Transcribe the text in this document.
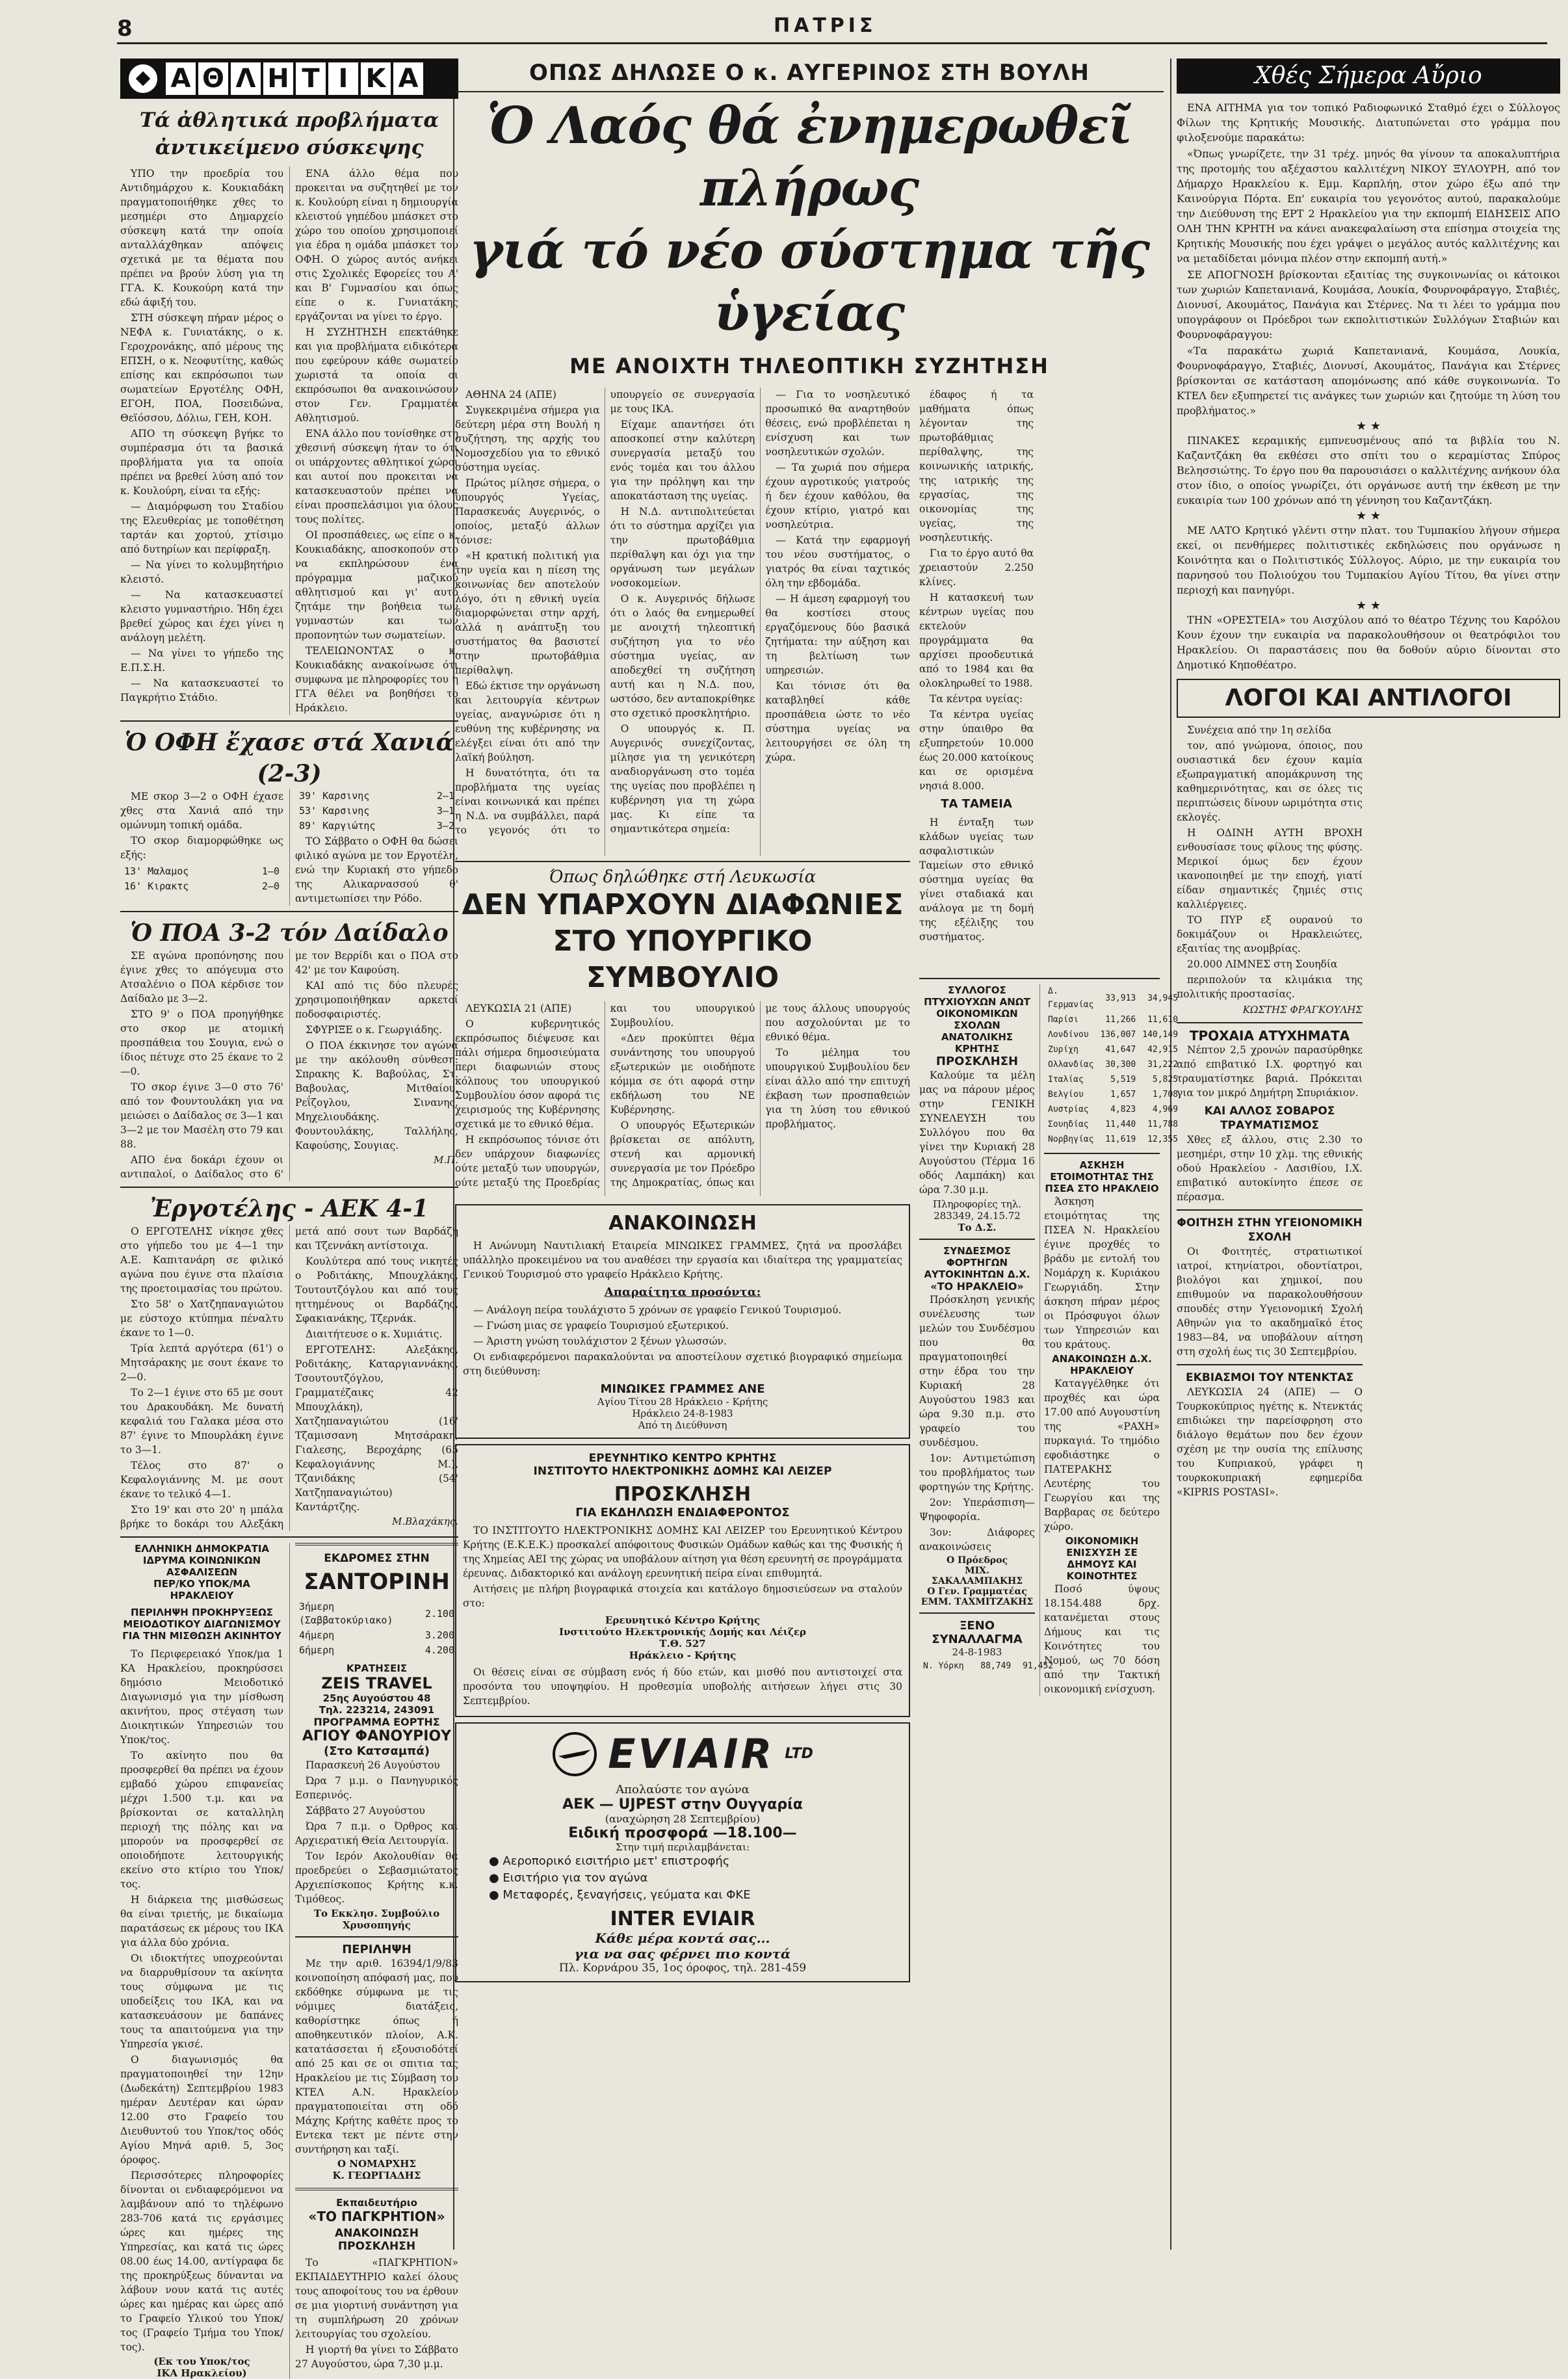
8	ΠΑΤΡΙΣ
Α Θ Λ Η Τ Ι Κ Α
Τά ἀθλητικά προβλήματα ἀντικείμενο σύσκεψης

ΥΠΟ την προεδρία του Αντιδημάρχου κ. Κουκιαδάκη πραγματοποιήθηκε χθες το μεσημέρι στο Δημαρχείο σύσκεψη κατά την οποία ανταλλάχθηκαν απόψεις σχετικά με τα θέματα που πρέπει να βρούν λύση για τη ΓΓΑ. Κ. Κουκούρη κατά την εδώ άφιξή του.

ΣΤΗ σύσκεψη πήραν μέρος ο ΝΕΦΑ κ. Γυνιατάκης, ο κ. Γεροχρονάκης, από μέρους της ΕΠΣΗ, ο κ. Νεοφυτίτης, καθώς επίσης και εκπρόσωποι των σωματείων Εργοτέλης ΟΦΗ, ΕΓΟΗ, ΠΟΑ, Ποσειδώνα, Θεϊόσσου, Δόλιω, ΓΕΗ, ΚΟΗ.

ΑΠΟ τη σύσκεψη βγήκε το συμπέρασμα ότι τα βασικά προβλήματα για τα οποία πρέπει να βρεθεί λύση από τον κ. Κουλούρη, είναι τα εξής:

— Διαμόρφωση του Σταδίου της Ελευθερίας με τοποθέτηση ταρτάν και χορτού, χτίσιμο από δυτηρίων και περίφραξη.

— Να γίνει το κολυμβητήριο κλειστό.

— Να κατασκευαστεί κλειστο γυμναστήριο. Ήδη έχει βρεθεί χώρος και έχει γίνει η ανάλογη μελέτη.

— Να γίνει το γήπεδο της Ε.Π.Σ.Η.

— Να κατασκευαστεί το Παγκρήτιο Στάδιο.

ΕΝΑ άλλο θέμα που προκειται να συζητηθεί με τον κ. Κουλούρη είναι η δημιουργία κλειστού γηπέδου μπάσκετ στο χώρο του οποίου χρησιμοποιεί για έδρα η ομάδα μπάσκετ του ΟΦΗ. Ο χώρος αυτός ανήκει στις Σχολικές Εφορείες του Α' και Β' Γυμνασίου και όπως είπε ο κ. Γυνιατάκης εργάζονται να γίνει το έργο.

Η ΣΥΖΗΤΗΣΗ επεκτάθηκε και για προβλήματα ειδικότερα που εφεύρουν κάθε σωματείο χωριστά τα οποία οι εκπρόσωποι θα ανακοινώσουν στον Γεν. Γραμματέα Αθλητισμού.

ΕΝΑ άλλο που τονίσθηκε στη χθεσινή σύσκεψη ήταν το ότι οι υπάρχοντες αθλητικοί χώροι και αυτοί που προκειται να κατασκευαστούν πρέπει να είναι προσπελάσιμοι για όλους τους πολίτες.

ΟΙ προσπάθειες, ως είπε ο κ. Κουκιαδάκης, αποσκοπούν στο να εκπληρώσουν ένα πρόγραμμα μαζικού αθλητισμού και γι' αυτό ζητάμε την βοήθεια των γυμναστών και των προπονητών των σωματείων.

ΤΕΛΕΙΩΝΟΝΤΑΣ ο κ. Κουκιαδάκης ανακοίνωσε ότι συμφωνα με πληροφορίες του η ΓΓΑ θέλει να βοηθήσει το Ηράκλειο.

Ὁ ΟΦΗ ἔχασε στά Χανιά (2-3)

ΜΕ σκορ 3—2 ο ΟΦΗ έχασε χθες στα Χανιά από την ομώνυμη τοπική ομάδα.

ΤΟ σκορ διαμορφώθηκε ως εξής:

13' Μαλαμος	1—0
16' Κιρακτς	2—0
39' Καρσινης	2—1
53' Καρσινης	3—1
89' Καργιώτης	3—2

ΤΟ Σάββατο ο ΟΦΗ θα δώσει φιλικό αγώνα με τον Εργοτέλη, ενώ την Κυριακή στο γήπεδο της Αλικαρνασσού θ' αντιμετωπίσει την Ρόδο.

Ὁ ΠΟΑ 3-2 τόν Δαίδαλο

ΣΕ αγώνα προπόνησης που έγινε χθες το απόγευμα στο Ατσαλένιο ο ΠΟΑ κέρδισε τον Δαίδαλο με 3—2.

ΣΤΟ 9' ο ΠΟΑ προηγήθηκε στο σκορ με ατομική προσπάθεια του Σουγια, ενώ ο ίδιος πέτυχε στο 25 έκανε το 2—0.

ΤΟ σκορ έγινε 3—0 στο 76' από τον Φουντουλάκη για να μειώσει ο Δαίδαλος σε 3—1 και 3—2 με τον Μασέλη στο 79 και 88.

ΑΠΟ ένα δοκάρι έχουν οι αντιπαλοί, ο Δαίδαλος στο 6' με τον Βερρίδι και ο ΠΟΑ στο 42' με τον Καφούση.

ΚΑΙ από τις δύο πλευρές χρησιμοποιήθηκαν αρκετοί ποδοσφαιριστές.

ΣΦΥΡΙΞΕ ο κ. Γεωργιάδης.

Ο ΠΟΑ έκκινησε τον αγώνα με την ακόλουθη σύνθεση: Σπρακης Κ. Βαβούλας, Στ. Βαβουλας, Μιτθαίου, Ρεΐζογλου, Σινανης, Μηχελιουδάκης. Φουντουλάκης, Ταλλήλης, Καφούσης, Σουγιας.

Μ.Π.
Ἐργοτέλης - ΑΕΚ 4-1

Ο ΕΡΓΟΤΕΛΗΣ νίκησε χθες στο γήπεδο του με 4—1 την Α.Ε. Καπιτανάρη σε φιλικό αγώνα που έγινε στα πλαίσια της προετοιμασίας του πρώτου.

Στο 58' ο Χατζηπαναγιώτου με εύστοχο κτύπημα πέναλτυ έκανε το 1—0.

Τρία λεπτά αργότερα (61') ο Μητσάρακης με σουτ έκανε το 2—0.

Το 2—1 έγινε στο 65 με σουτ του Δρακουδάκη. Με δυνατή κεφαλιά του Γαλακα μέσα στο 87' έγινε το Μπουρλάκη έγινε το 3—1.

Τέλος στο 87' ο Κεφαλογιάννης Μ. με σουτ έκανε το τελικό 4—1.

Στο 19' και στο 20' η μπάλα βρήκε το δοκάρι του Αλεξάκη μετά από σουτ των Βαρδάζη και Τζεννάκη αντίστοιχα.

Κουλύτερα από τους νικητές ο Ροδιτάκης, Μπουχλάκης, Τουτουτζόγλου και από τους ηττημένους οι Βαρδάζης, Σφακιανάκης, Τζερνάκ.

Διαιτήτευσε ο κ. Χυμιάτις.

ΕΡΓΟΤΕΛΗΣ: Αλεξάκης, Ροδιτάκης, Καταργιαννάκης, Τσουτουτζόγλου, Γραμματέζαικς 42 Μπουχλάκη), Χατζηπαναγιώτου (16' Τζαμισσανη Μητσάρακη, Γιαλεσης, Βεροχάρης (65 Κεφαλογιάννης Μ.), Τζανιδάκης (54' Χατζηπαναγιώτου) Καντάρτζης.

Μ.Βλαχάκης.

ΕΛΛΗΝΙΚΗ ΔΗΜΟΚΡΑΤΙΑ

ΙΔΡΥΜΑ ΚΟΙΝΩΝΙΚΩΝ ΑΣΦΑΛΙΣΕΩΝ

ΠΕΡ/ΚΟ ΥΠΟΚ/ΜΑ ΗΡΑΚΛΕΙΟΥ

ΠΕΡΙΛΗΨΗ ΠΡΟΚΗΡΥΞΕΩΣ ΜΕΙΟΔΟΤΙΚΟΥ ΔΙΑΓΩΝΙΣΜΟΥ ΓΙΑ ΤΗΝ ΜΙΣΘΩΣΗ ΑΚΙΝΗΤΟΥ

Το Περιφερειακό Υποκ/μα 1 ΚΑ Ηρακλείου, προκηρύσσει δημόσιο Μειοδοτικό Διαγωνισμό για την μίσθωση ακινήτου, προς στέγαση των Διοικητικών Υπηρεσιών του Υποκ/τος.

Το ακίνητο που θα προσφερθεί θα πρέπει να έχουν εμβαδό χώρου επιφανείας μέχρι 1.500 τ.μ. και να βρίσκονται σε καταλληλη περιοχή της πόλης και να μπορούν να προσφερθεί σε οποιοδήποτε λειτουργικής εκείνο στο κτίριο του Υποκ/τος.

Η διάρκεια της μισθώσεως θα είναι τριετής, με δικαίωμα παρατάσεως εκ μέρους του ΙΚΑ για άλλα δύο χρόνια.

Οι ιδιοκτήτες υποχρεούνται να διαρρυθμίσουν τα ακίνητα τους σύμφωνα με τις υποδείξεις του ΙΚΑ, και να κατασκευάσουν με δαπάνες τους τα απαιτούμενα για την Υπηρεσία γκισέ.

Ο διαγωνισμός θα πραγματοποιηθεί την 12ην (Δωδεκάτη) Σεπτεμβρίου 1983 ημέραν Δευτέραν και ώραν 12.00 στο Γραφείο του Διευθυντού του Υποκ/τος οδός Αγίου Μηνά αριθ. 5, 3ος όροφος.

Περισσότερες πληροφορίες δίνονται οι ενδιαφερόμενοι να λαμβάνουν από το τηλέφωνο 283-706 κατά τις εργάσιμες ώρες και ημέρες της Υπηρεσίας, και κατά τις ώρες 08.00 έως 14.00, αντίγραφα δε της προκηρύξεως δύνανται να λάβουν νουν κατά τις αυτές ώρες και ημέρας και ώρες από το Γραφείο Υλικού του Υποκ/τος (Γραφείο Τμήμα του Υποκ/τος).

(Εκ του Υποκ/τος

ΙΚΑ Ηρακλείου)

ΕΚΔΡΟΜΕΣ ΣΤΗΝ
ΣΑΝΤΟΡΙΝΗ
3ήμερη (Σαββατοκύριακο)	2.100
4ήμερη	3.200
6ήμερη	4.200
ΚΡΑΤΗΣΕΙΣ
ZEIS TRAVEL
25ης Αυγούστου 48
Τηλ. 223214, 243091
ΠΡΟΓΡΑΜΜΑ ΕΟΡΤΗΣ
ΑΓΙΟΥ ΦΑΝΟΥΡΙΟΥ
(Στο Κατσαμπά)

Παρασκευή 26 Αυγούστου

Ώρα 7 μ.μ. ο Πανηγυρικός Εσπερινός.

Σάββατο 27 Αυγούστου

Ώρα 7 π.μ. ο Όρθρος και Αρχιερατική Θεία Λειτουργία.

Τον Ιερόν Ακολουθίαν θα προεδρεύει ο Σεβασμιώτατος Αρχιεπίσκοπος Κρήτης κ.κ. Τιμόθεος.

Το Εκκλησ. Συμβούλιο

Χρυσοπηγής

ΠΕΡΙΛΗΨΗ

Με την αριθ. 16394/1/9/83 κοινοποίηση απόφασή μας, που εκδόθηκε σύμφωνα με τις νόμιμες διατάξεις, καθορίστηκε όπως ή αποθηκευτικόν πλοίον, Α.Κ. κατατάσσεται ή εξουσιοδότεί από 25 και σε οι σπιτια τας Ηρακλείου με τις Σύμβαση του ΚΤΕΛ Α.Ν. Ηρακλείου πραγματοποιείται στη οδό Μάχης Κρήτης καθέτε προς το Εντεκα τεκτ με πέντε στην συντήρηση και ταξί.

Ο ΝΟΜΑΡΧΗΣ

Κ. ΓΕΩΡΓΙΑΔΗΣ

Εκπαιδευτήριο
«ΤΟ ΠΑΓΚΡΗΤΙΟΝ»
ΑΝΑΚΟΙΝΩΣΗ ΠΡΟΣΚΛΗΣΗ

Το «ΠΑΓΚΡΗΤΙΟΝ» ΕΚΠΑΙΔΕΥΤΗΡΙΟ καλεί όλους τους αποφοίτους του να έρθουν σε μια γιορτινή συνάντηση για τη συμπλήρωση 20 χρόνων λειτουργίας του σχολείου.

Η γιορτή θα γίνει το Σάββατο 27 Αυγούστου, ώρα 7,30 μ.μ.

ΟΠΩΣ ΔΗΛΩΣΕ Ο κ. ΑΥΓΕΡΙΝΟΣ ΣΤΗ ΒΟΥΛΗ
Ὁ Λαός θά ἐνημερωθεῖ πλήρως
γιά τό νέο σύστημα τῆς ὑγείας
ΜΕ ΑΝΟΙΧΤΗ ΤΗΛΕΟΠΤΙΚΗ ΣΥΖΗΤΗΣΗ

ΑΘΗΝΑ 24 (ΑΠΕ)

Συγκεκριμένα σήμερα για δεύτερη μέρα στη Βουλή η συζήτηση, της αρχής του Νομοσχεδίου για το εθνικό σύστημα υγείας.

Πρώτος μίλησε σήμερα, ο υπουργός Υγείας, Παρασκευάς Αυγερινός, ο οποίος, μεταξύ άλλων τόνισε:

«Η κρατική πολιτική για την υγεία και η πίεση της κοινωνίας δεν αποτελούν λόγο, ότι η εθνική υγεία διαμορφώνεται στην αρχή, αλλά η ανάπτυξη του συστήματος θα βασιστεί στην πρωτοβάθμια περίθαλψη.

Εδώ έκτισε την οργάνωση και λειτουργία κέντρων υγείας, αναγνώρισε ότι η ευθύνη της κυβέρνησης να ελέγξει είναι ότι από την λαϊκή βούληση.

Η δυνατότητα, ότι τα προβλήματα της υγείας είναι κοινωνικά και πρέπει η Ν.Δ. να συμβάλλει, παρά το γεγονός ότι το υπουργείο σε συνεργασία με τους ΙΚΑ.

Είχαμε απαντήσει ότι αποσκοπεί στην καλύτερη συνεργασία μεταξύ του ενός τομέα και του άλλου για την πρόληψη και την αποκατάσταση της υγείας.

Η Ν.Δ. αντιπολιτεύεται ότι το σύστημα αρχίζει για την πρωτοβάθμια περίθαλψη και όχι για την οργάνωση των μεγάλων νοσοκομείων.

Ο κ. Αυγερινός δήλωσε ότι ο λαός θα ενημερωθεί με ανοιχτή τηλεοπτική συζήτηση για το νέο σύστημα υγείας, αν αποδεχθεί τη συζήτηση αυτή και η Ν.Δ. που, ωστόσο, δεν ανταποκρίθηκε στο σχετικό προσκλητήριο.

Ο υπουργός κ. Π. Αυγερινός συνεχίζοντας, μίλησε για τη γενικότερη αναδιοργάνωση στο τομέα της υγείας που προβλέπει η κυβέρνηση για τη χώρα μας. Κι είπε τα σημαντικότερα σημεία:

— Για το νοσηλευτικό προσωπικό θα αναρτηθούν θέσεις, ενώ προβλέπεται η ενίσχυση και των νοσηλευτικών σχολών.

— Τα χωριά που σήμερα έχουν αγροτικούς γιατρούς ή δεν έχουν καθόλου, θα έχουν κτίριο, γιατρό και νοσηλεύτρια.

— Κατά την εφαρμογή του νέου συστήματος, ο γιατρός θα είναι ταχτικός όλη την εβδομάδα.

— Η άμεση εφαρμογή του θα κοστίσει στους εργαζόμενους δύο βασικά ζητήματα: την αύξηση και τη βελτίωση των υπηρεσιών.

Και τόνισε ότι θα καταβληθεί κάθε προσπάθεια ώστε το νέο σύστημα υγείας να λειτουργήσει σε όλη τη χώρα.

Όπως δηλώθηκε στή Λευκωσία
ΔΕΝ ΥΠΑΡΧΟΥΝ ΔΙΑΦΩΝΙΕΣ
ΣΤΟ ΥΠΟΥΡΓΙΚΟ ΣΥΜΒΟΥΛΙΟ

ΛΕΥΚΩΣΙΑ 21 (ΑΠΕ)

Ο κυβερνητικός εκπρόσωπος διέψευσε και πάλι σήμερα δημοσιεύματα περι διαφωνιών στους κόλπους του υπουργικού Συμβουλίου όσον αφορά τις χειρισμούς της Κυβέρνησης σχετικά με το εθνικό θέμα.

Η εκπρόσωπος τόνισε ότι δεν υπάρχουν διαφωνίες ούτε μεταξύ των υπουργών, ούτε μεταξύ της Προεδρίας και του υπουργικού Συμβουλίου.

«Δεν προκύπτει θέμα συνάντησης του υπουργού εξωτερικών με οιοδήποτε κόμμα σε ότι αφορά στην εκδήλωση του ΝΕ Κυβέρνησης.

Ο υπουργός Εξωτερικών βρίσκεται σε απόλυτη, στενή και αρμονική συνεργασία με τον Πρόεδρο της Δημοκρατίας, όπως και με τους άλλους υπουργούς που ασχολούνται με το εθνικό θέμα.

Το μέλημα του υπουργικού Συμβουλίου δεν είναι άλλο από την επιτυχή έκβαση των προσπαθειών για τη λύση του εθνικού προβλήματος.

ΑΝΑΚΟΙΝΩΣΗ

Η Ανώνυμη Ναυτιλιακή Εταιρεία ΜΙΝΩΙΚΕΣ ΓΡΑΜΜΕΣ, ζητά να προσλάβει υπάλληλο προκειμένου να του αναθέσει την εργασία και ιδιαίτερα της γραμματείας Γενικού Τουρισμού στο γραφείο Ηράκλειο Κρήτης.

Απαραίτητα προσόντα:

— Ανάλογη πείρα τουλάχιστο 5 χρόνων σε γραφείο Γενικού Τουρισμού.

— Γνώση μιας σε γραφείο Τουρισμού εξωτερικού.

— Άριστη γνώση τουλάχιστον 2 ξένων γλωσσών.

Οι ενδιαφερόμενοι παρακαλούνται να αποστείλουν σχετικό βιογραφικό σημείωμα στη διεύθυνση:

ΜΙΝΩΙΚΕΣ ΓΡΑΜΜΕΣ ΑΝΕ
Αγίου Τίτου 28 Ηράκλειο - Κρήτης
Ηράκλειο 24-8-1983
Από τη Διεύθυνση
ΕΡΕΥΝΗΤΙΚΟ ΚΕΝΤΡΟ ΚΡΗΤΗΣ
ΙΝΣΤΙΤΟΥΤΟ ΗΛΕΚΤΡΟΝΙΚΗΣ ΔΟΜΗΣ ΚΑΙ ΛΕΙΖΕΡ
ΠΡΟΣΚΛΗΣΗ
ΓΙΑ ΕΚΔΗΛΩΣΗ ΕΝΔΙΑΦΕΡΟΝΤΟΣ

ΤΟ ΙΝΣΤΙΤΟΥΤΟ ΗΛΕΚΤΡΟΝΙΚΗΣ ΔΟΜΗΣ ΚΑΙ ΛΕΙΖΕΡ του Ερευνητικού Κέντρου Κρήτης (Ε.Κ.Ε.Κ.) προσκαλεί απόφοιτους Φυσικών Ομάδων καθώς και της Φυσικής ή της Χημείας ΑΕΙ της χώρας να υποβάλουν αίτηση για θέση ερευνητή σε προγράμματα έρευνας. Διδακτορικό και ανάλογη ερευνητική πείρα είναι επιθυμητά.

Αιτήσεις με πλήρη βιογραφικά στοιχεία και κατάλογο δημοσιεύσεων να σταλούν στο:

Ερευνητικό Κέντρο Κρήτης

Ινστιτούτο Ηλεκτρονικής Δομής και Λέιζερ

Τ.Θ. 527

Ηράκλειο - Κρήτης

Οι θέσεις είναι σε σύμβαση ενός ή δύο ετών, και μισθό που αντιστοιχεί στα προσόντα του υποψηφίου. Η προθεσμία υποβολής αιτήσεων λήγει στις 30 Σεπτεμβρίου.

EVIAIR LTD
Απολαύστε τον αγώνα
ΑΕΚ — UJPEST στην Ουγγαρία
(αναχώρηση 28 Σεπτεμβρίου)
Ειδική προσφορά —18.100—
Στην τιμή περιλαμβάνεται:

● Αεροπορικό εισιτήριο μετ' επιστροφής

● Εισιτήριο για τον αγώνα

● Μεταφορές, ξεναγήσεις, γεύματα και ΦΚΕ

INTER EVIAIR
Κάθε μέρα κοντά σας...
για να σας φέρνει πιο κοντά
Πλ. Κορνάρου 35, 1ος όροφος, τηλ. 281-459

έδαφος ή τα μαθήματα όπως λέγονταν της πρωτοβάθμιας περίθαλψης, της κοινωνικής ιατρικής, της ιατρικής της εργασίας, της οικονομίας της υγείας, της νοσηλευτικής.

Για το έργο αυτό θα χρειαστούν 2.250 κλίνες.

Η κατασκευή των κέντρων υγείας που εκτελούν προγράμματα θα αρχίσει προοδευτικά από το 1984 και θα ολοκληρωθεί το 1988.

Τα κέντρα υγείας:

Τα κέντρα υγείας στην ύπαιθρο θα εξυπηρετούν 10.000 έως 20.000 κατοίκους και σε ορισμένα νησιά 8.000.

ΤΑ ΤΑΜΕΙΑ

Η ένταξη των κλάδων υγείας των ασφαλιστικών Ταμείων στο εθνικό σύστημα υγείας θα γίνει σταδιακά και ανάλογα με τη δομή της εξέλιξης του συστήματος.

ΣΥΛΛΟΓΟΣ ΠΤΥΧΙΟΥΧΩΝ ΑΝΩΤ ΟΙΚΟΝΟΜΙΚΩΝ ΣΧΟΛΩΝ ΑΝΑΤΟΛΙΚΗΣ ΚΡΗΤΗΣ
ΠΡΟΣΚΛΗΣΗ

Καλούμε τα μέλη μας να πάρουν μέρος στην ΓΕΝΙΚΗ ΣΥΝΕΛΕΥΣΗ του Συλλόγου που θα γίνει την Κυριακή 28 Αυγούστου (Τέρμα 16 οδός Λαμπάκη) και ώρα 7.30 μ.μ.

Πληροφορίες τηλ. 283349, 24.15.72
Το Δ.Σ.
ΣΥΝΔΕΣΜΟΣ ΦΟΡΤΗΓΩΝ ΑΥΤΟΚΙΝΗΤΩΝ Δ.Χ.
«ΤΟ ΗΡΑΚΛΕΙΟ»

Πρόσκληση γενικής συνέλευσης των μελών του Συνδέσμου που θα πραγματοποιηθεί στην έδρα του την Κυριακή 28 Αυγούστου 1983 και ώρα 9.30 π.μ. στο γραφείο του συνδέσμου.

1ον: Αντιμετώπιση του προβλήματος των φορτηγών της Κρήτης.

2ον: Υπεράσπιση—Ψηφοφορία.

3ον: Διάφορες ανακοινώσεις

Ο Πρόεδρος

ΜΙΧ. ΣΑΚΑΛΑΜΠΑΚΗΣ

Ο Γεν. Γραμματέας

ΕΜΜ. ΤΑΧΜΙΤΖΑΚΗΣ

ΞΕΝΟ ΣΥΝΑΛΛΑΓΜΑ
24-8-1983
Ν. Υόρκη	88,749	91,452
Δ. Γερμανίας	33,913	34,945
Παρίσι	11,266	11,610
Λονδίνου	136,007	140,149
Ζυρίχη	41,647	42,915
Ολλανδίας	30,300	31,222
Ιταλίας	5,519	5,825
Βελγίου	1,657	1,708
Αυστρίας	4,823	4,969
Σουηδίας	11,440	11,788
Νορβηγίας	11,619	12,355
ΑΣΚΗΣΗ ΕΤΟΙΜΟΤΗΤΑΣ ΤΗΣ ΠΣΕΑ ΣΤΟ ΗΡΑΚΛΕΙΟ

Άσκηση ετοιμότητας της ΠΣΕΑ Ν. Ηρακλείου έγινε προχθές το βράδυ με εντολή του Νομάρχη κ. Κυριάκου Γεωργιάδη. Στην άσκηση πήραν μέρος οι Πρόσφυγοι όλων των Υπηρεσιών και του κράτους.

ΑΝΑΚΟΙΝΩΣΗ Δ.Χ. ΗΡΑΚΛΕΙΟΥ

Καταγγέλθηκε ότι προχθές και ώρα 17.00 από Αυγουστίνη της «ΡΑΧΗ» πυρκαγιά. Το τημόδιο εφοδιάστηκε ο ΠΑΤΕΡΑΚΗΣ Λευτέρης του Γεωργίου και της Βαρβαρας σε δεύτερο χώρο.

ΟΙΚΟΝΟΜΙΚΗ ΕΝΙΣΧΥΣΗ ΣΕ ΔΗΜΟΥΣ ΚΑΙ ΚΟΙΝΟΤΗΤΕΣ

Ποσό ύψους 18.154.488 δρχ. κατανέμεται στους Δήμους και τις Κοινότητες του Νομού, ως 70 δόση από την Τακτική οικονομική ενίσχυση.

Χθές Σήμερα Αὔριο

ΕΝΑ ΑΙΤΗΜΑ για τον τοπικό Ραδιοφωνικό Σταθμό έχει ο Σύλλογος Φίλων της Κρητικής Μουσικής. Διατυπώνεται στο γράμμα που φιλοξενούμε παρακάτω:

«Όπως γνωρίζετε, την 31 τρέχ. μηνός θα γίνουν τα αποκαλυπτήρια της προτομής του αξέχαστου καλλιτέχνη ΝΙΚΟΥ ΞΥΛΟΥΡΗ, από τον Δήμαρχο Ηρακλείου κ. Εμμ. Καρπλήη, στον χώρο έξω από την Καινούργια Πόρτα. Επ' ευκαιρία του γεγονότος αυτού, παρακαλούμε την Διεύθυνση της ΕΡΤ 2 Ηρακλείου για την εκπομπή ΕΙΔΗΣΕΙΣ ΑΠΟ ΟΛΗ ΤΗΝ ΚΡΗΤΗ να κάνει ανακεφαλαίωση στα επίσημα στοιχεία της Κρητικής Μουσικής που έχει γράψει ο μεγάλος αυτός καλλιτέχνης και να μεταδίδεται μόνιμα πλέον στην εκπομπή αυτή.»

ΣΕ ΑΠΟΓΝΟΣΗ βρίσκονται εξαιτίας της συγκοινωνίας οι κάτοικοι των χωριών Καπετανιανά, Κουμάσα, Λουκία, Φουρνοφάραγγο, Σταβιές, Διονυσί, Ακουμάτος, Πανάγια και Στέρνες. Να τι λέει το γράμμα που υπογράφουν οι Πρόεδροι των εκπολιτιστικών Συλλόγων Σταβιών και Φουρνοφάραγγου:

«Τα παρακάτω χωριά Καπετανιανά, Κουμάσα, Λουκία, Φουρνοφάραγγο, Σταβιές, Διονυσί, Ακουμάτος, Πανάγια και Στέρνες βρίσκονται σε κατάσταση απομόνωσης από κάθε συγκοινωνία. Το ΚΤΕΛ δεν εξυπηρετεί τις ανάγκες των χωριών και ζητούμε τη λύση του προβλήματος.»

★ ★

ΠΙΝΑΚΕΣ κεραμικής εμπνευσμένους από τα βιβλία του Ν. Καζαντζάκη θα εκθέσει στο σπίτι του ο κεραμίστας Σπύρος Βελησσιώτης. Το έργο που θα παρουσιάσει ο καλλιτέχνης ανήκουν όλα στον ίδιο, ο οποίος γνωρίζει, ότι οργάνωσε αυτή την έκθεση με την ευκαιρία των 100 χρόνων από τη γέννηση του Καζαντζάκη.

★ ★

ΜΕ ΛΑΤΟ Κρητικό γλέντι στην πλατ. του Τυμπακίου λήγουν σήμερα εκεί, οι πενθήμερες πολιτιστικές εκδηλώσεις που οργάνωσε η Κοινότητα και ο Πολιτιστικός Σύλλογος. Αύριο, με την ευκαιρία του παρνησού του Πολιούχου του Τυμπακίου Αγίου Τίτου, θα γίνει στην περιοχή και πανηγύρι.

★ ★

ΤΗΝ «ΟΡΕΣΤΕΙΑ» του Αισχύλου από το θέατρο Τέχνης του Καρόλου Κουν έχουν την ευκαιρία να παρακολουθήσουν οι θεατρόφιλοι του Ηρακλείου. Οι παραστάσεις που θα δοθούν αύριο δίνονται στο Δημοτικό Κηποθέατρο.

ΛΟΓΟΙ ΚΑΙ ΑΝΤΙΛΟΓΟΙ

Συνέχεια από την 1η σελίδα

τον, από γνώμονα, όποιος, που ουσιαστικά δεν έχουν καμία εξωπραγματική απομάκρυνση της καθημερινότητας, και σε όλες τις περιπτώσεις δίνουν ωριμότητα στις εκλογές.

Η ΟΔΙΝΗ ΑΥΤΗ ΒΡΟΧΗ ενθουσίασε τους φίλους της φύσης. Μερικοί όμως δεν έχουν ικανοποιηθεί με την εποχή, γιατί είδαν σημαντικές ζημιές στις καλλιέργειες.

ΤΟ ΠΥΡ εξ ουρανού το δοκιμάζουν οι Ηρακλειώτες, εξαιτίας της ανομβρίας.

20.000 ΛΙΜΝΕΣ στη Σουηδία

περιπολούν τα κλιμάκια της πολιτικής προστασίας.

ΚΩΣΤΗΣ ΦΡΑΓΚΟΥΛΗΣ
ΤΡΟΧΑΙΑ ΑΤΥΧΗΜΑΤΑ

Νέπτον 2,5 χρονών παρασύρθηκε από επιβατικό Ι.Χ. φορτηγό και τραυματίστηκε βαριά. Πρόκειται για τον μικρό Δημήτρη Σπυριάκιον.

ΚΑΙ ΑΛΛΟΣ ΣΟΒΑΡΟΣ ΤΡΑΥΜΑΤΙΣΜΟΣ

Χθες εξ άλλου, στις 2.30 το μεσημέρι, στην 10 χλμ. της εθνικής οδού Ηρακλείου - Λασιθίου, Ι.Χ. επιβατικό αυτοκίνητο έπεσε σε πέρασμα.

ΦΟΙΤΗΣΗ ΣΤΗΝ ΥΓΕΙΟΝΟΜΙΚΗ ΣΧΟΛΗ

Οι Φοιτητές, στρατιωτικοί ιατροί, κτηνίατροι, οδοντίατροι, βιολόγοι και χημικοί, που επιθυμούν να παρακολουθήσουν σπουδές στην Υγειονομική Σχολή Αθηνών για το ακαδημαϊκό έτος 1983—84, να υποβάλουν αίτηση στη σχολή έως τις 30 Σεπτεμβρίου.

ΕΚΒΙΑΣΜΟΙ ΤΟΥ ΝΤΕΝΚΤΑΣ

ΛΕΥΚΩΣΙΑ 24 (ΑΠΕ) — Ο Τουρκοκύπριος ηγέτης κ. Ντενκτάς επιδιώκει την παρείσφρηση στο διάλογο θεμάτων που δεν έχουν σχέση με την ουσία της επίλυσης του Κυπριακού, γράφει η τουρκοκυπριακή εφημερίδα «KIPRIS POSTASI».
